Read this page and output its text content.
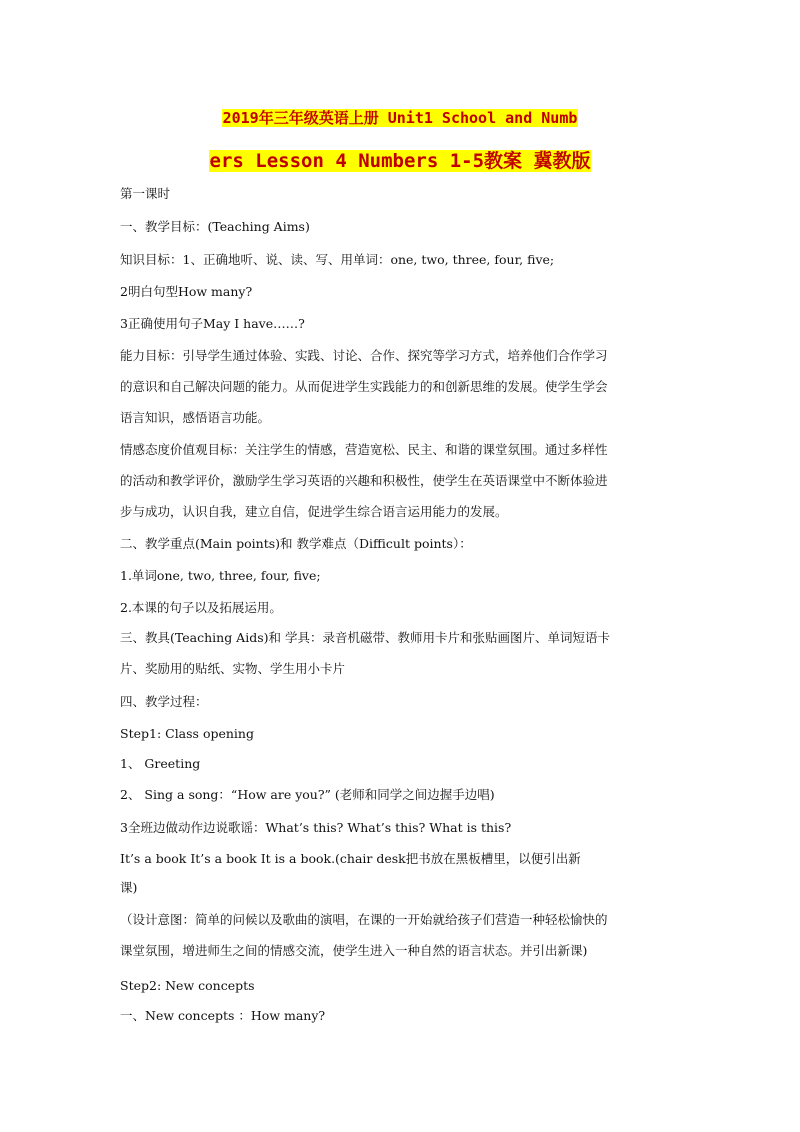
2019年三年级英语上册 Unit1 School and Numb
ers Lesson 4 Numbers 1-5教案 冀教版
第一课时
一、教学目标：(Teaching Aims)
知识目标：1、正确地听、说、读、写、用单词：one, two, three, four, five;
2明白句型How many?
3正确使用句子May I have……?
能力目标：引导学生通过体验、实践、讨论、合作、探究等学习方式，培养他们合作学习
的意识和自己解决问题的能力。从而促进学生实践能力的和创新思维的发展。使学生学会
语言知识，感悟语言功能。
情感态度价值观目标：关注学生的情感，营造宽松、民主、和谐的课堂氛围。通过多样性
的活动和教学评价，激励学生学习英语的兴趣和积极性，使学生在英语课堂中不断体验进
步与成功，认识自我，建立自信，促进学生综合语言运用能力的发展。
二、教学重点(Main points)和 教学难点（Difficult points）：
1.单词one, two, three, four, five;
2.本课的句子以及拓展运用。
三、教具(Teaching Aids)和 学具：录音机磁带、教师用卡片和张贴画图片、单词短语卡
片、奖励用的贴纸、实物、学生用小卡片
四、教学过程：
Step1: Class opening
1、 Greeting
2、 Sing a song：“How are you?” (老师和同学之间边握手边唱)
3全班边做动作边说歌谣：What’s this? What’s this? What is this?
It’s a book It’s a book It is a book.(chair desk把书放在黑板槽里，以便引出新
课)
（设计意图：简单的问候以及歌曲的演唱，在课的一开始就给孩子们营造一种轻松愉快的
课堂氛围，增进师生之间的情感交流，使学生进入一种自然的语言状态。并引出新课)
Step2: New concepts
一、New concepts ：How many?
